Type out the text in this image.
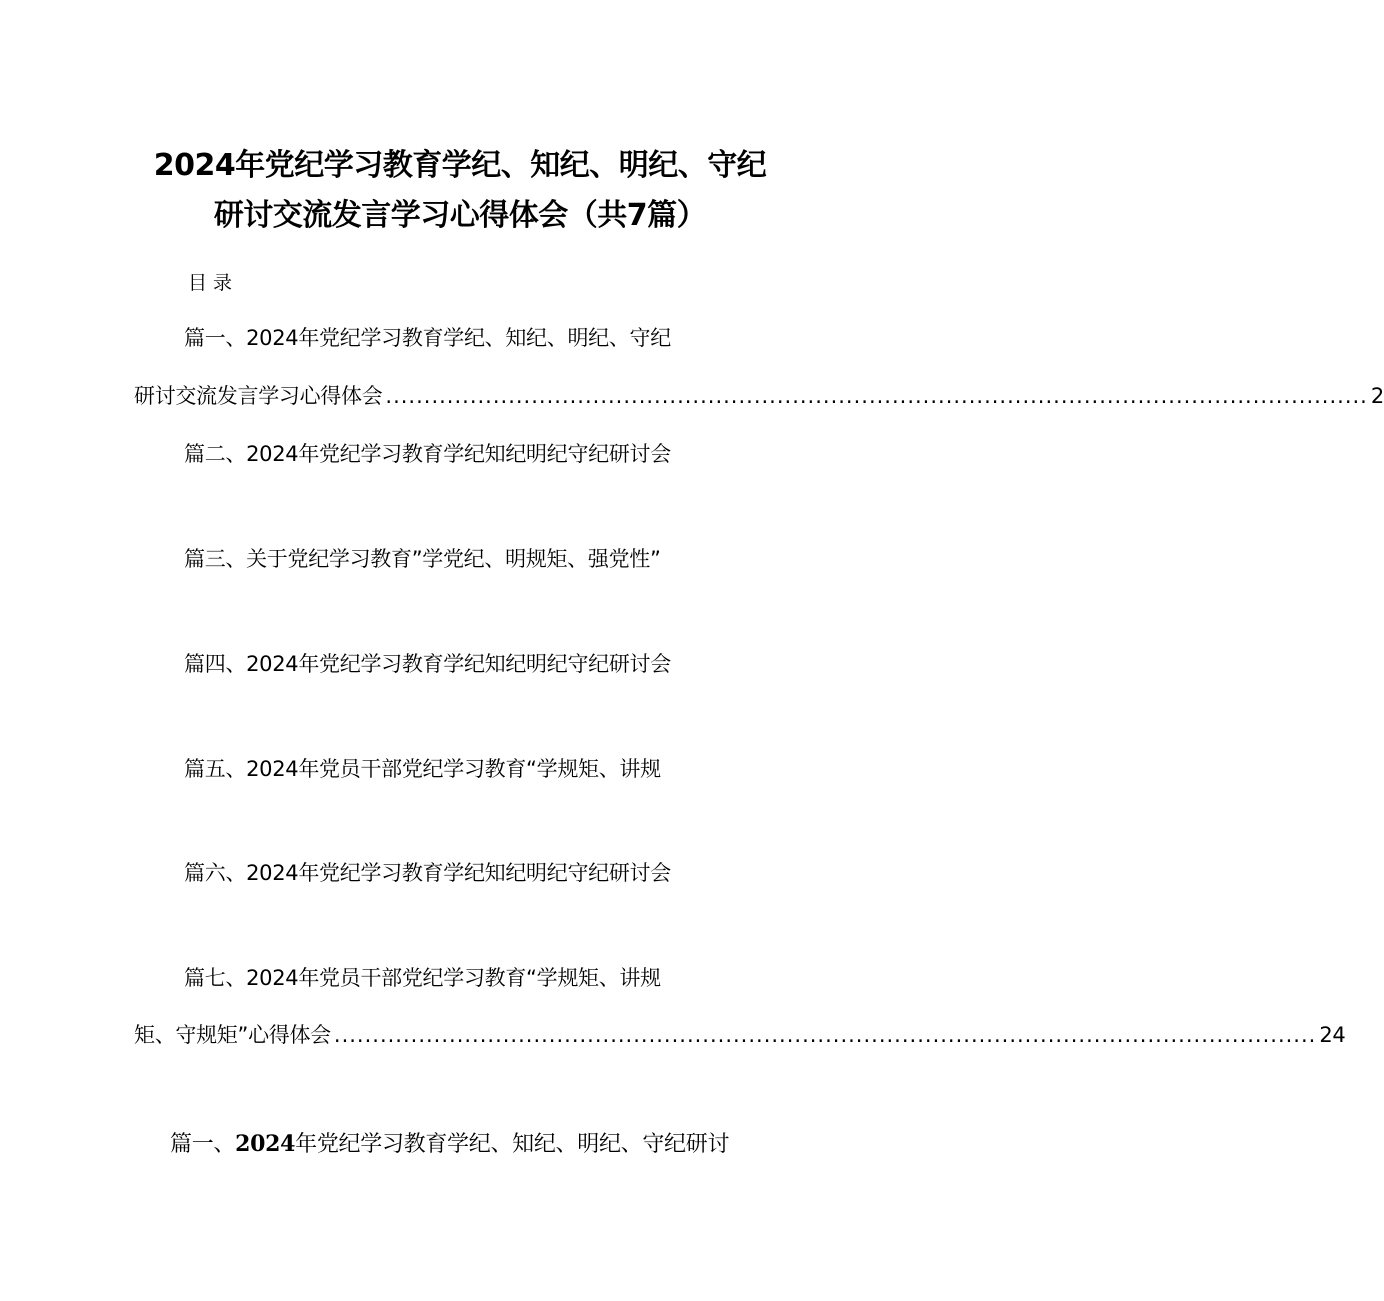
2024年党纪学习教育学纪、知纪、明纪、守纪
研讨交流发言学习心得体会（共7篇）
目录
篇一、2024年党纪学习教育学纪、知纪、明纪、守纪
研讨交流发言学习心得体会 ................................................................................................................................ 2
篇二、2024年党纪学习教育学纪知纪明纪守纪研讨会
篇三、关于党纪学习教育”学党纪、明规矩、强党性”
篇四、2024年党纪学习教育学纪知纪明纪守纪研讨会
篇五、2024年党员干部党纪学习教育“学规矩、讲规
篇六、2024年党纪学习教育学纪知纪明纪守纪研讨会
篇七、2024年党员干部党纪学习教育“学规矩、讲规
矩、守规矩”心得体会 ................................................................................................................................ 24
篇一、2024年党纪学习教育学纪、知纪、明纪、守纪研讨
